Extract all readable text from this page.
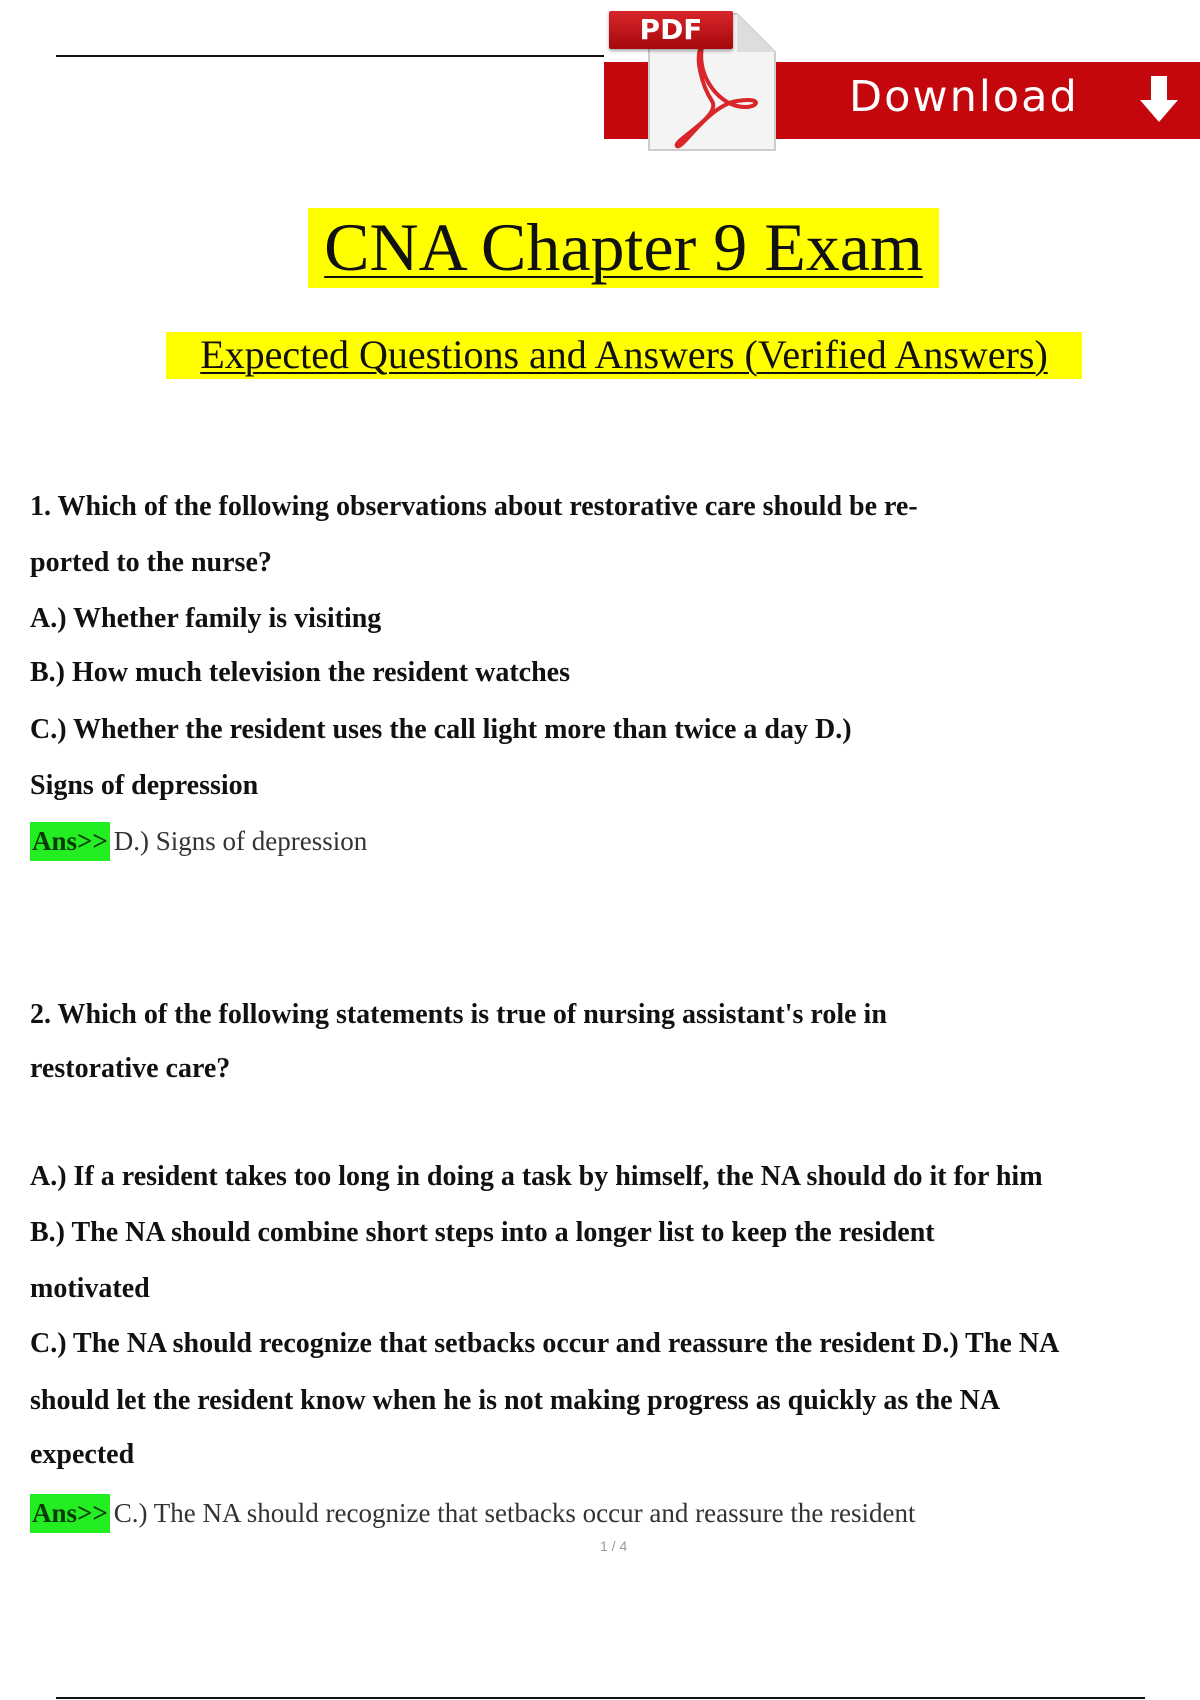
Download
PDF
CNA Chapter 9 Exam
Expected Questions and Answers (Verified Answers)
1. Which of the following observations about restorative care should be re-
ported to the nurse?
A.) Whether family is visiting
B.) How much television the resident watches
C.) Whether the resident uses the call light more than twice a day D.)
Signs of depression
Ans>> D.) Signs of depression
2. Which of the following statements is true of nursing assistant's role in
restorative care?
A.) If a resident takes too long in doing a task by himself, the NA should do it for him
B.) The NA should combine short steps into a longer list to keep the resident
motivated
C.) The NA should recognize that setbacks occur and reassure the resident D.) The NA
should let the resident know when he is not making progress as quickly as the NA
expected
Ans>> C.) The NA should recognize that setbacks occur and reassure the resident
1 / 4
